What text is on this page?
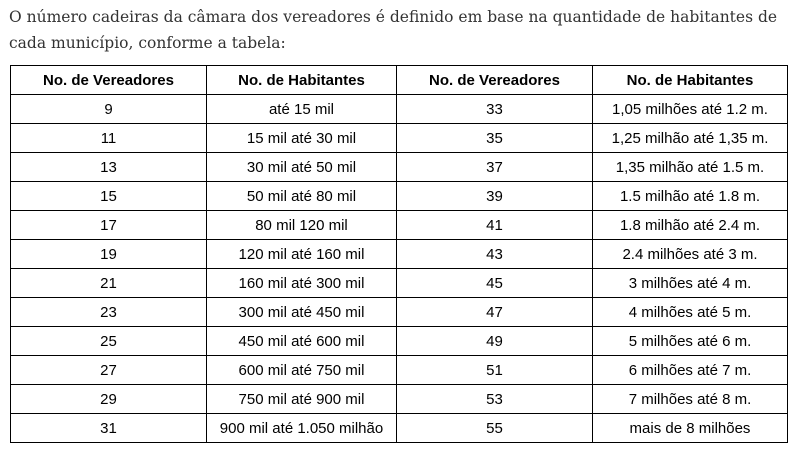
O número cadeiras da câmara dos vereadores é definido em base na quantidade de habitantes de cada município, conforme a tabela:

No. de Vereadores	No. de Habitantes	No. de Vereadores	No. de Habitantes
9	até 15 mil	33	1,05 milhões até 1.2 m.
11	15 mil até 30 mil	35	1,25 milhão até 1,35 m.
13	30 mil até 50 mil	37	1,35 milhão até 1.5 m.
15	50 mil até 80 mil	39	1.5 milhão até 1.8 m.
17	80 mil 120 mil	41	1.8 milhão até 2.4 m.
19	120 mil até 160 mil	43	2.4 milhões até 3 m.
21	160 mil até 300 mil	45	3 milhões até 4 m.
23	300 mil até 450 mil	47	4 milhões até 5 m.
25	450 mil até 600 mil	49	5 milhões até 6 m.
27	600 mil até 750 mil	51	6 milhões até 7 m.
29	750 mil até 900 mil	53	7 milhões até 8 m.
31	900 mil até 1.050 milhão	55	mais de 8 milhões
